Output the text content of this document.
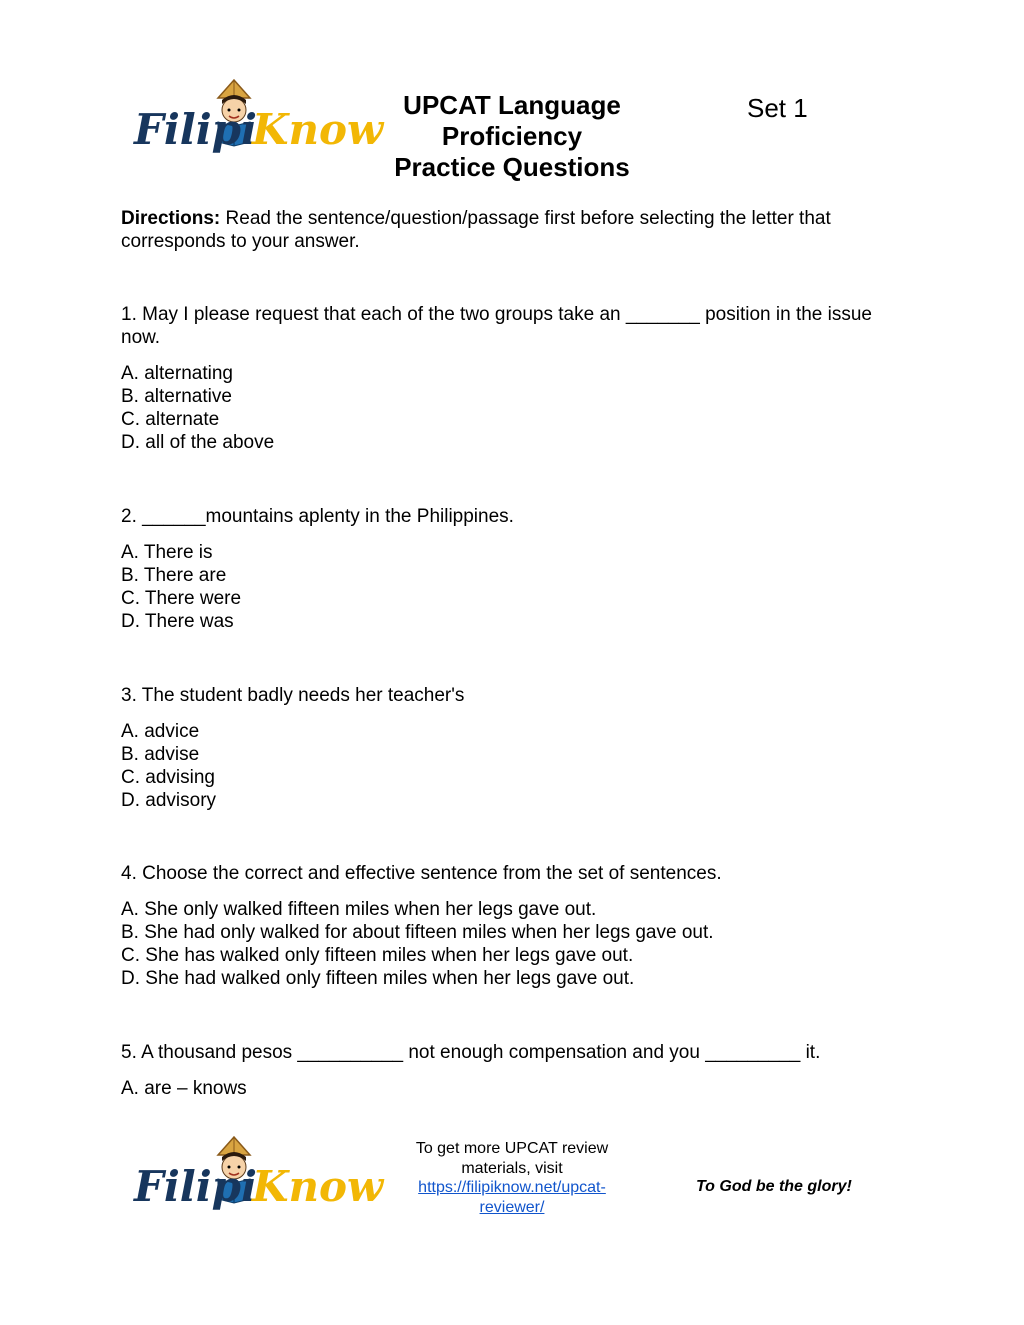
Filipi
Know UPCAT Language
Proficiency
Practice Questions
Set 1
Directions: Read the sentence/question/passage first before selecting the letter that corresponds to your answer.

1. May I please request that each of the two groups take an _______ position in the issue now.

A. alternating

B. alternative

C. alternate

D. all of the above

2. ______mountains aplenty in the Philippines.

A. There is

B. There are

C. There were

D. There was

3. The student badly needs her teacher's

A. advice

B. advise

C. advising

D. advisory

4. Choose the correct and effective sentence from the set of sentences.

A. She only walked fifteen miles when her legs gave out.

B. She had only walked for about fifteen miles when her legs gave out.

C. She has walked only fifteen miles when her legs gave out.

D. She had walked only fifteen miles when her legs gave out.

5. A thousand pesos __________ not enough compensation and you _________ it.

A. are – knows

Filipi
Know
To get more UPCAT review materials, visit https://filipiknow.net/upcat-reviewer/
To God be the glory!
